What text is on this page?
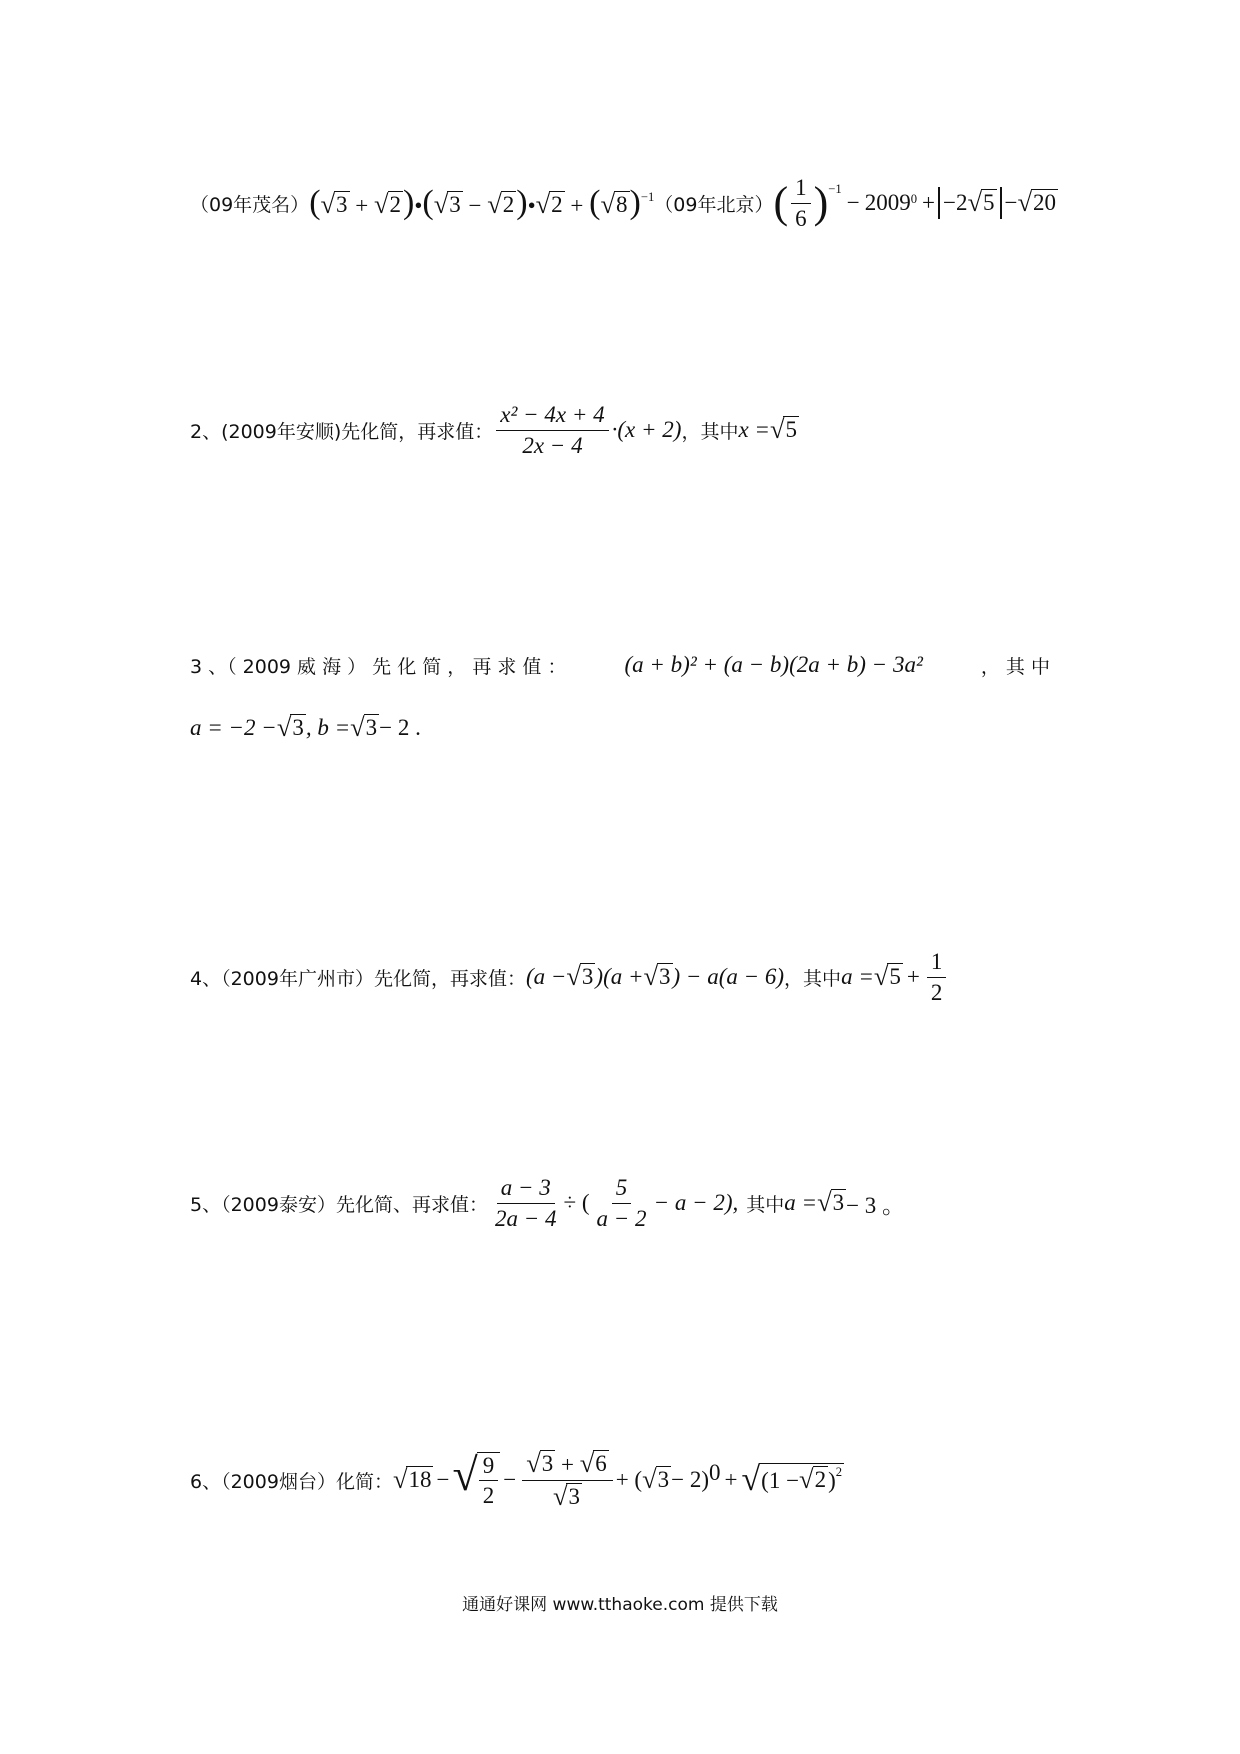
（09年茂名） ( √ 3 + √ 2 )•( √ 3 − √ 2 )• √ 2 + ( √ 8 )$^{-1}$ （09年北京） ( $\frac{1}{6} )^{-1}$
− $2009^0 + -2$ √ 5 − √ 20
2、(2009年安顺)先化简，再求值： $\frac{\text{x² − 4x + 4}}{2x - 4} \cdot(x + 2)$ ，其中 x = √ 5
3 、（ 2009 威 海 ） 先 化 简 ， 再 求 值 ：	(a + b)² + (a − b)(2a + b) − 3a²	， 其 中
a = −2 − √ 3 , b = √ 3 − 2 .
4、（2009年广州市）先化简，再求值： (a − √ 3 )(a + √ 3 ) − a(a − 6) ，其中 a = √ $5 + \frac{1}{2}$
5、（2009泰安）先化简、再求值： $\frac{a - 3}{2a - 4}$ ÷ ( $\frac{5}{a - 2} - a - 2$), 其中 a = √ 3 − 3 。
6、（2009烟台）化简： √ 18 − √ $\frac{9}{2} - \frac{√ 3 + √ 6}{√ 3}$ + ( √ 3 − 2)$^0$ + √ (1 − √ 2 )$^2$
通通好课网 www.tthaoke.com 提供下载
